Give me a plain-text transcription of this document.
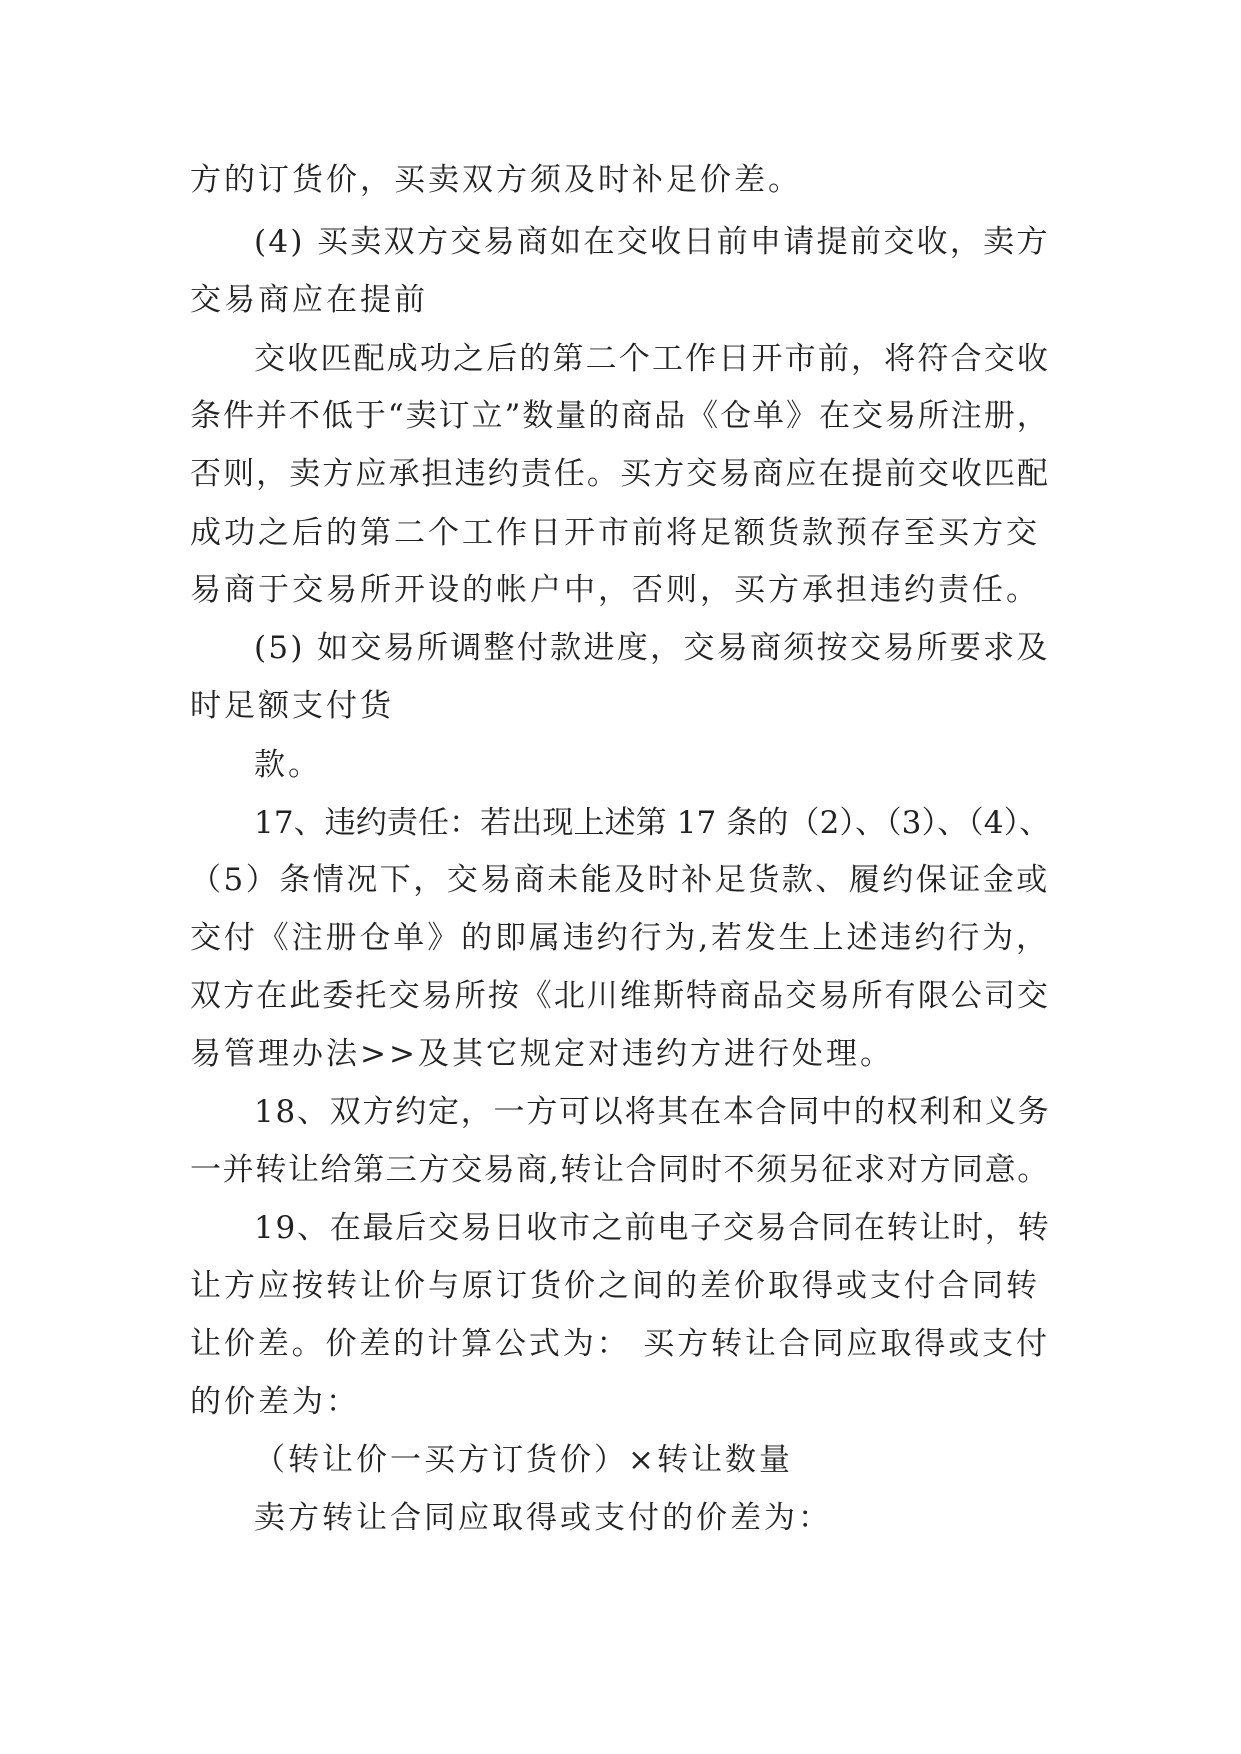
方的订货价，买卖双方须及时补足价差。
(4) 买卖双方交易商如在交收日前申请提前交收，卖方
交易商应在提前
交收匹配成功之后的第二个工作日开市前，将符合交收
条件并不低于“卖订立”数量的商品《仓单》在交易所注册，
否则，卖方应承担违约责任。买方交易商应在提前交收匹配
成功之后的第二个工作日开市前将足额货款预存至买方交
易商于交易所开设的帐户中，否则，买方承担违约责任。
(5) 如交易所调整付款进度，交易商须按交易所要求及
时足额支付货
款。
17、违约责任：若出现上述第 17 条的（2）、（3）、（4）、
（5）条情况下，交易商未能及时补足货款、履约保证金或
交付《注册仓单》的即属违约行为,若发生上述违约行为，
双方在此委托交易所按《北川维斯特商品交易所有限公司交
易管理办法>>及其它规定对违约方进行处理。
18、双方约定，一方可以将其在本合同中的权利和义务
一并转让给第三方交易商,转让合同时不须另征求对方同意。
19、在最后交易日收市之前电子交易合同在转让时，转
让方应按转让价与原订货价之间的差价取得或支付合同转
让价差。价差的计算公式为： 买方转让合同应取得或支付
的价差为：
（转让价一买方订货价）×转让数量
卖方转让合同应取得或支付的价差为：
